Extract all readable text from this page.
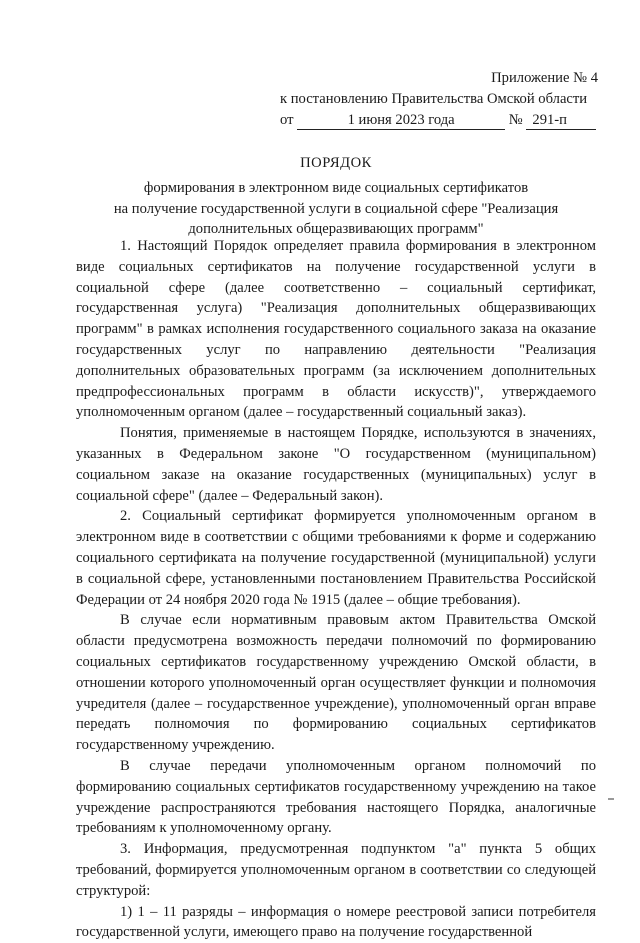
Приложение № 4
к постановлению Правительства Омской области
от	1 июня 2023 года	№ 291-п
ПОРЯДОК
формирования в электронном виде социальных сертификатов
на получение государственной услуги в социальной сфере "Реализация
дополнительных общеразвивающих программ"

1. Настоящий Порядок определяет правила формирования в электронном виде социальных сертификатов на получение государственной услуги в социальной сфере (далее соответственно – социальный сертификат, государственная услуга) "Реализация дополнительных общеразвивающих программ" в рамках исполнения государственного социального заказа на оказание государственных услуг по направлению деятельности "Реализация дополнительных образовательных программ (за исключением дополнительных предпрофессиональных программ в области искусств)", утверждаемого уполномоченным органом (далее – государственный социальный заказ).

Понятия, применяемые в настоящем Порядке, используются в значениях, указанных в Федеральном законе "О государственном (муниципальном) социальном заказе на оказание государственных (муниципальных) услуг в социальной сфере" (далее – Федеральный закон).

2. Социальный сертификат формируется уполномоченным органом в электронном виде в соответствии с общими требованиями к форме и содержанию социального сертификата на получение государственной (муниципальной) услуги в социальной сфере, установленными постановлением Правительства Российской Федерации от 24 ноября 2020 года № 1915 (далее – общие требования).

В случае если нормативным правовым актом Правительства Омской области предусмотрена возможность передачи полномочий по формированию социальных сертификатов государственному учреждению Омской области, в отношении которого уполномоченный орган осуществляет функции и полномочия учредителя (далее – государственное учреждение), уполномоченный орган вправе передать полномочия по формированию социальных сертификатов государственному учреждению.

В случае передачи уполномоченным органом полномочий по формированию социальных сертификатов государственному учреждению на такое учреждение распространяются требования настоящего Порядка, аналогичные требованиям к уполномоченному органу.

3. Информация, предусмотренная подпунктом "а" пункта 5 общих требований, формируется уполномоченным органом в соответствии со следующей структурой:

1) 1 – 11 разряды – информация о номере реестровой записи потребителя государственной услуги, имеющего право на получение государственной
